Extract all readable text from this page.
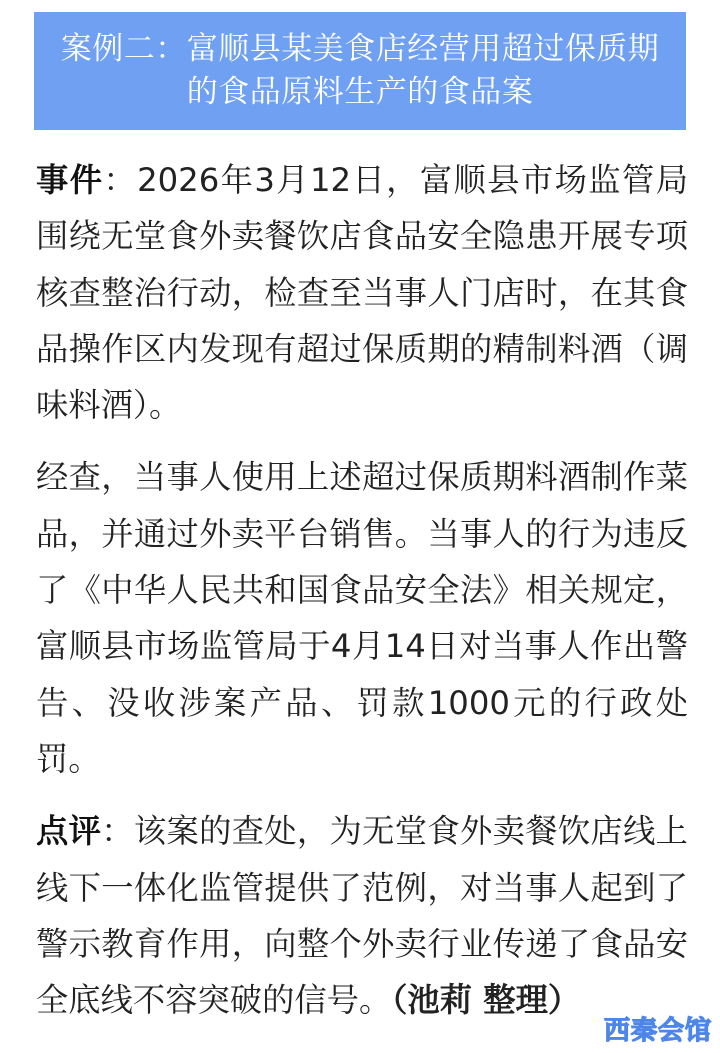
案例二：富顺县某美食店经营用超过保质期
的食品原料生产的食品案

事件：2026年3月12日，富顺县市场监管局围绕无堂食外卖餐饮店食品安全隐患开展专项核查整治行动，检查至当事人门店时，在其食品操作区内发现有超过保质期的精制料酒（调味料酒）。

经查，当事人使用上述超过保质期料酒制作菜品，并通过外卖平台销售。当事人的行为违反了《中华人民共和国食品安全法》相关规定，富顺县市场监管局于4月14日对当事人作出警告、没收涉案产品、罚款1000元的行政处罚。

点评：该案的查处，为无堂食外卖餐饮店线上线下一体化监管提供了范例，对当事人起到了警示教育作用，向整个外卖行业传递了食品安全底线不容突破的信号。（池莉 整理）

西秦会馆
